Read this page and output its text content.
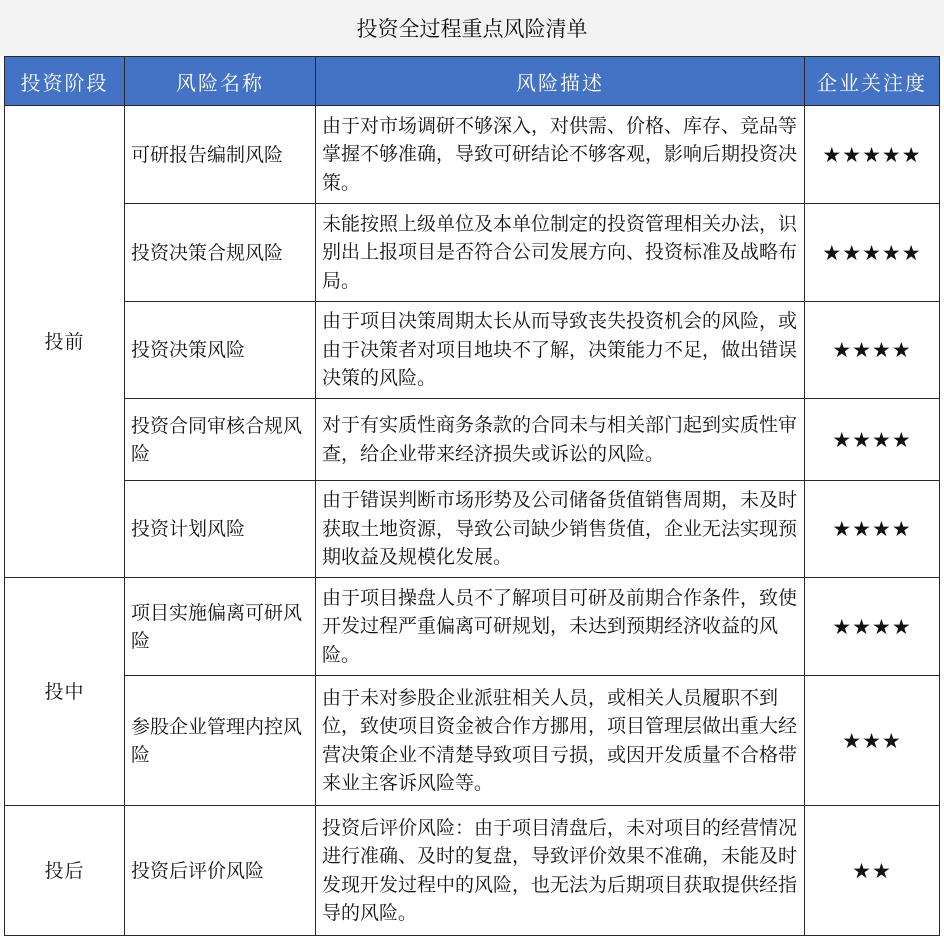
投资全过程重点风险清单
投资阶段	风险名称	风险描述	企业关注度
投前	可研报告编制风险	由于对市场调研不够深入，对供需、价格、库存、竞品等掌握不够准确，导致可研结论不够客观，影响后期投资决策。	★★★★★
	投资决策合规风险	未能按照上级单位及本单位制定的投资管理相关办法，识别出上报项目是否符合公司发展方向、投资标准及战略布局。	★★★★★
	投资决策风险	由于项目决策周期太长从而导致丧失投资机会的风险，或由于决策者对项目地块不了解，决策能力不足，做出错误决策的风险。	★★★★
	投资合同审核合规风险	对于有实质性商务条款的合同未与相关部门起到实质性审查，给企业带来经济损失或诉讼的风险。	★★★★
	投资计划风险	由于错误判断市场形势及公司储备货值销售周期，未及时获取土地资源，导致公司缺少销售货值，企业无法实现预期收益及规模化发展。	★★★★
投中	项目实施偏离可研风险	由于项目操盘人员不了解项目可研及前期合作条件，致使开发过程严重偏离可研规划，未达到预期经济收益的风险。	★★★★
	参股企业管理内控风险	由于未对参股企业派驻相关人员，或相关人员履职不到位，致使项目资金被合作方挪用，项目管理层做出重大经营决策企业不清楚导致项目亏损，或因开发质量不合格带来业主客诉风险等。	★★★
投后	投资后评价风险	投资后评价风险：由于项目清盘后，未对项目的经营情况进行准确、及时的复盘，导致评价效果不准确，未能及时发现开发过程中的风险，也无法为后期项目获取提供经指导的风险。	★★
